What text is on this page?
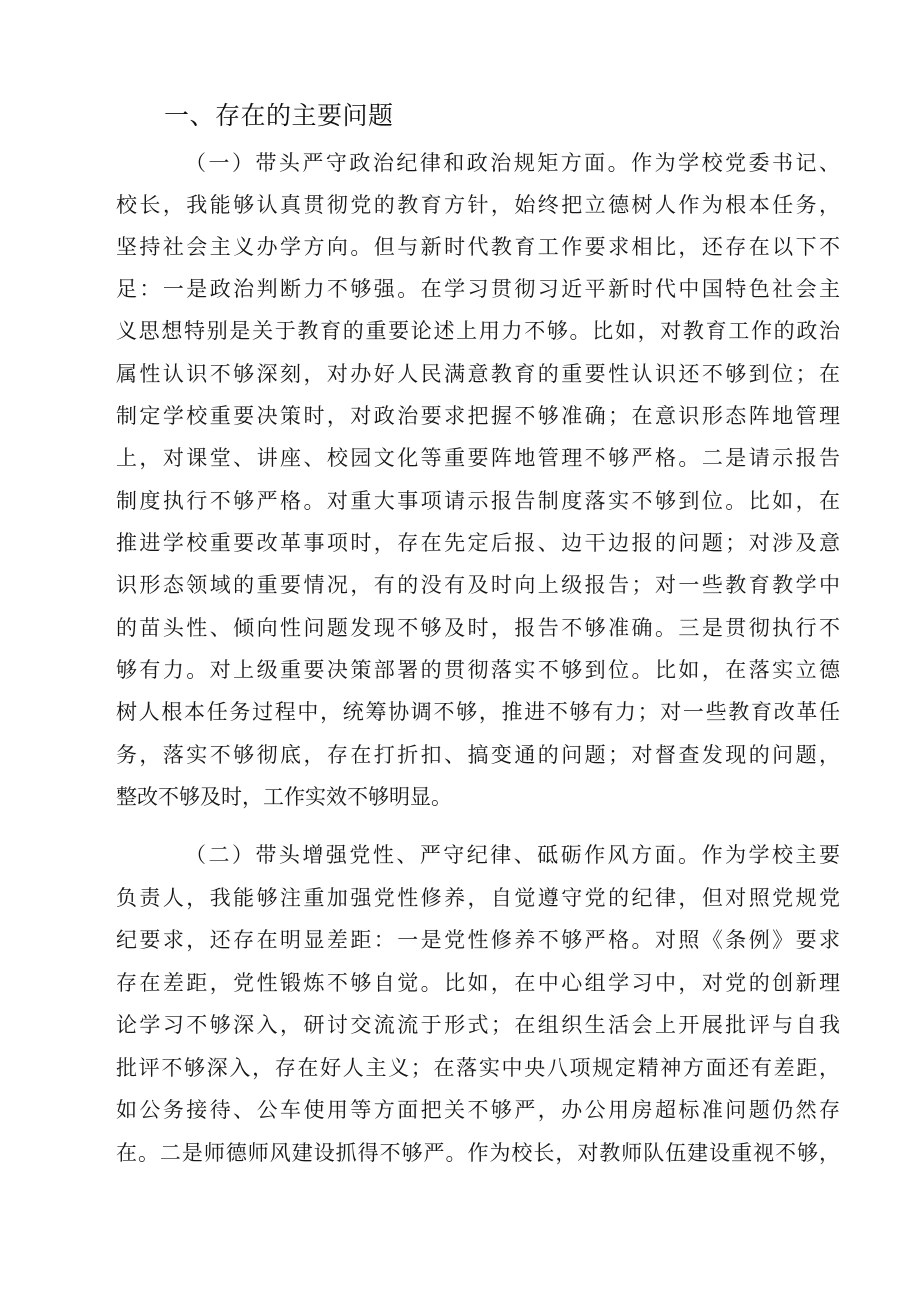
一、存在的主要问题
（一）带头严守政治纪律和政治规矩方面。作为学校党委书记、
校长，我能够认真贯彻党的教育方针，始终把立德树人作为根本任务，
坚持社会主义办学方向。但与新时代教育工作要求相比，还存在以下不
足：一是政治判断力不够强。在学习贯彻习近平新时代中国特色社会主
义思想特别是关于教育的重要论述上用力不够。比如，对教育工作的政治
属性认识不够深刻，对办好人民满意教育的重要性认识还不够到位；在
制定学校重要决策时，对政治要求把握不够准确；在意识形态阵地管理
上，对课堂、讲座、校园文化等重要阵地管理不够严格。二是请示报告
制度执行不够严格。对重大事项请示报告制度落实不够到位。比如，在
推进学校重要改革事项时，存在先定后报、边干边报的问题；对涉及意
识形态领域的重要情况，有的没有及时向上级报告；对一些教育教学中
的苗头性、倾向性问题发现不够及时，报告不够准确。三是贯彻执行不
够有力。对上级重要决策部署的贯彻落实不够到位。比如，在落实立德
树人根本任务过程中，统筹协调不够，推进不够有力；对一些教育改革任
务，落实不够彻底，存在打折扣、搞变通的问题；对督查发现的问题，
整改不够及时，工作实效不够明显。
（二）带头增强党性、严守纪律、砥砺作风方面。作为学校主要
负责人，我能够注重加强党性修养，自觉遵守党的纪律，但对照党规党
纪要求，还存在明显差距：一是党性修养不够严格。对照《条例》要求
存在差距，党性锻炼不够自觉。比如，在中心组学习中，对党的创新理
论学习不够深入，研讨交流流于形式；在组织生活会上开展批评与自我
批评不够深入，存在好人主义；在落实中央八项规定精神方面还有差距，
如公务接待、公车使用等方面把关不够严，办公用房超标准问题仍然存
在。二是师德师风建设抓得不够严。作为校长，对教师队伍建设重视不够，
